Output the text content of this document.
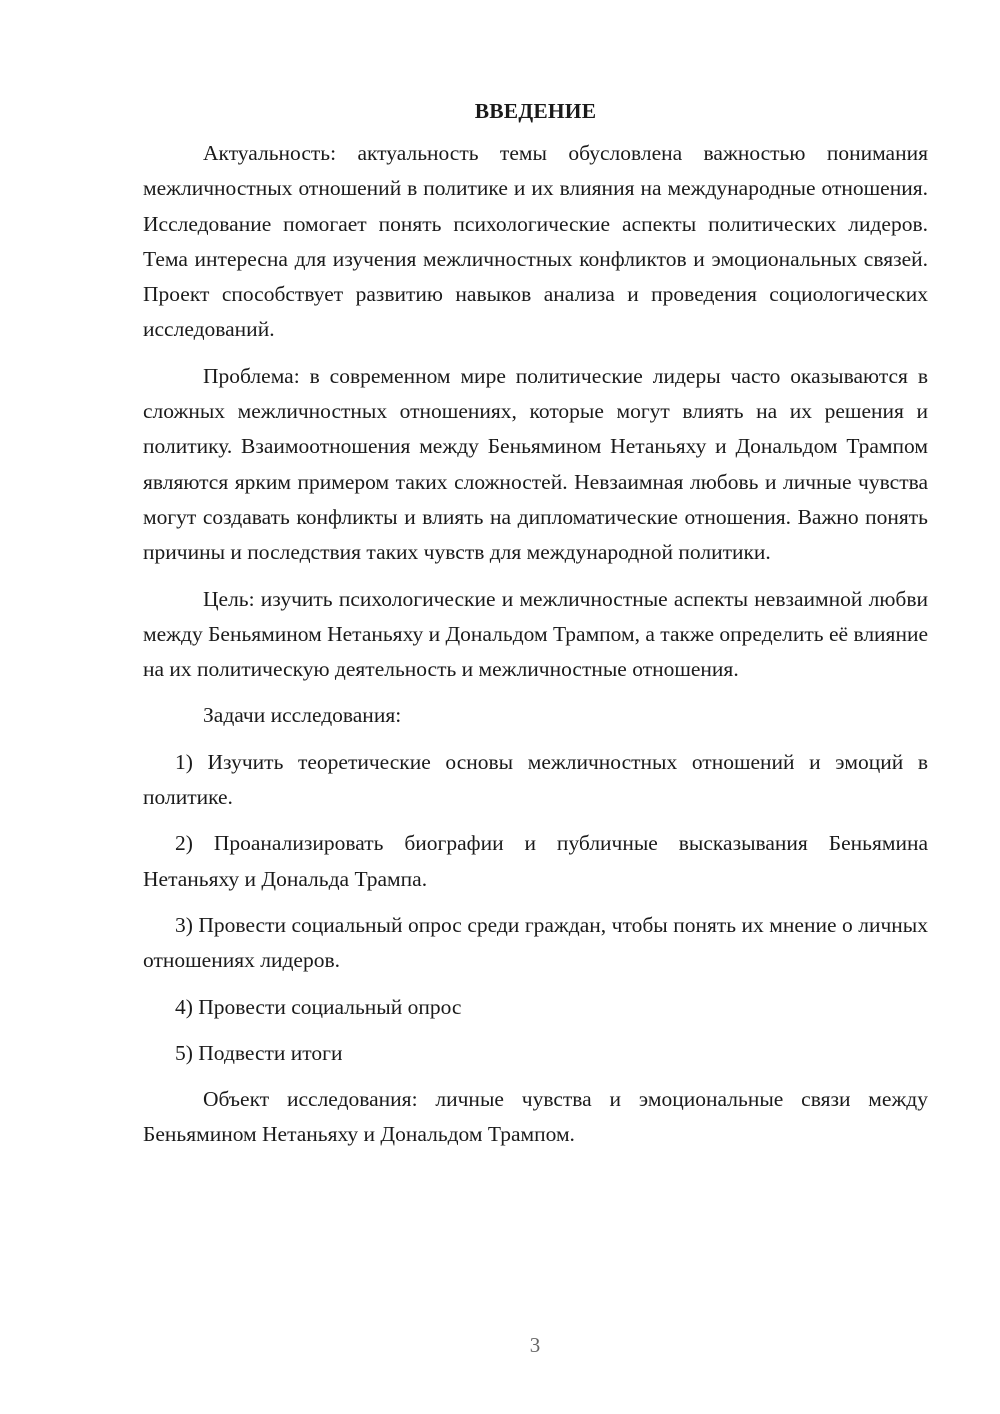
ВВЕДЕНИЕ

Актуальность: актуальность темы обусловлена важностью понимания межличностных отношений в политике и их влияния на международные отношения. Исследование помогает понять психологические аспекты политических лидеров. Тема интересна для изучения межличностных конфликтов и эмоциональных связей. Проект способствует развитию навыков анализа и проведения социологических исследований.

Проблема: в современном мире политические лидеры часто оказываются в сложных межличностных отношениях, которые могут влиять на их решения и политику. Взаимоотношения между Беньямином Нетаньяху и Дональдом Трампом являются ярким примером таких сложностей. Невзаимная любовь и личные чувства могут создавать конфликты и влиять на дипломатические отношения. Важно понять причины и последствия таких чувств для международной политики.

Цель: изучить психологические и межличностные аспекты невзаимной любви между Беньямином Нетаньяху и Дональдом Трампом, а также определить её влияние на их политическую деятельность и межличностные отношения.

Задачи исследования:
1) Изучить теоретические основы межличностных отношений и эмоций в политике.
2) Проанализировать биографии и публичные высказывания Беньямина Нетаньяху и Дональда Трампа.
3) Провести социальный опрос среди граждан, чтобы понять их мнение о личных отношениях лидеров.
4) Провести социальный опрос
5) Подвести итоги

Объект исследования: личные чувства и эмоциональные связи между Беньямином Нетаньяху и Дональдом Трампом.

3
